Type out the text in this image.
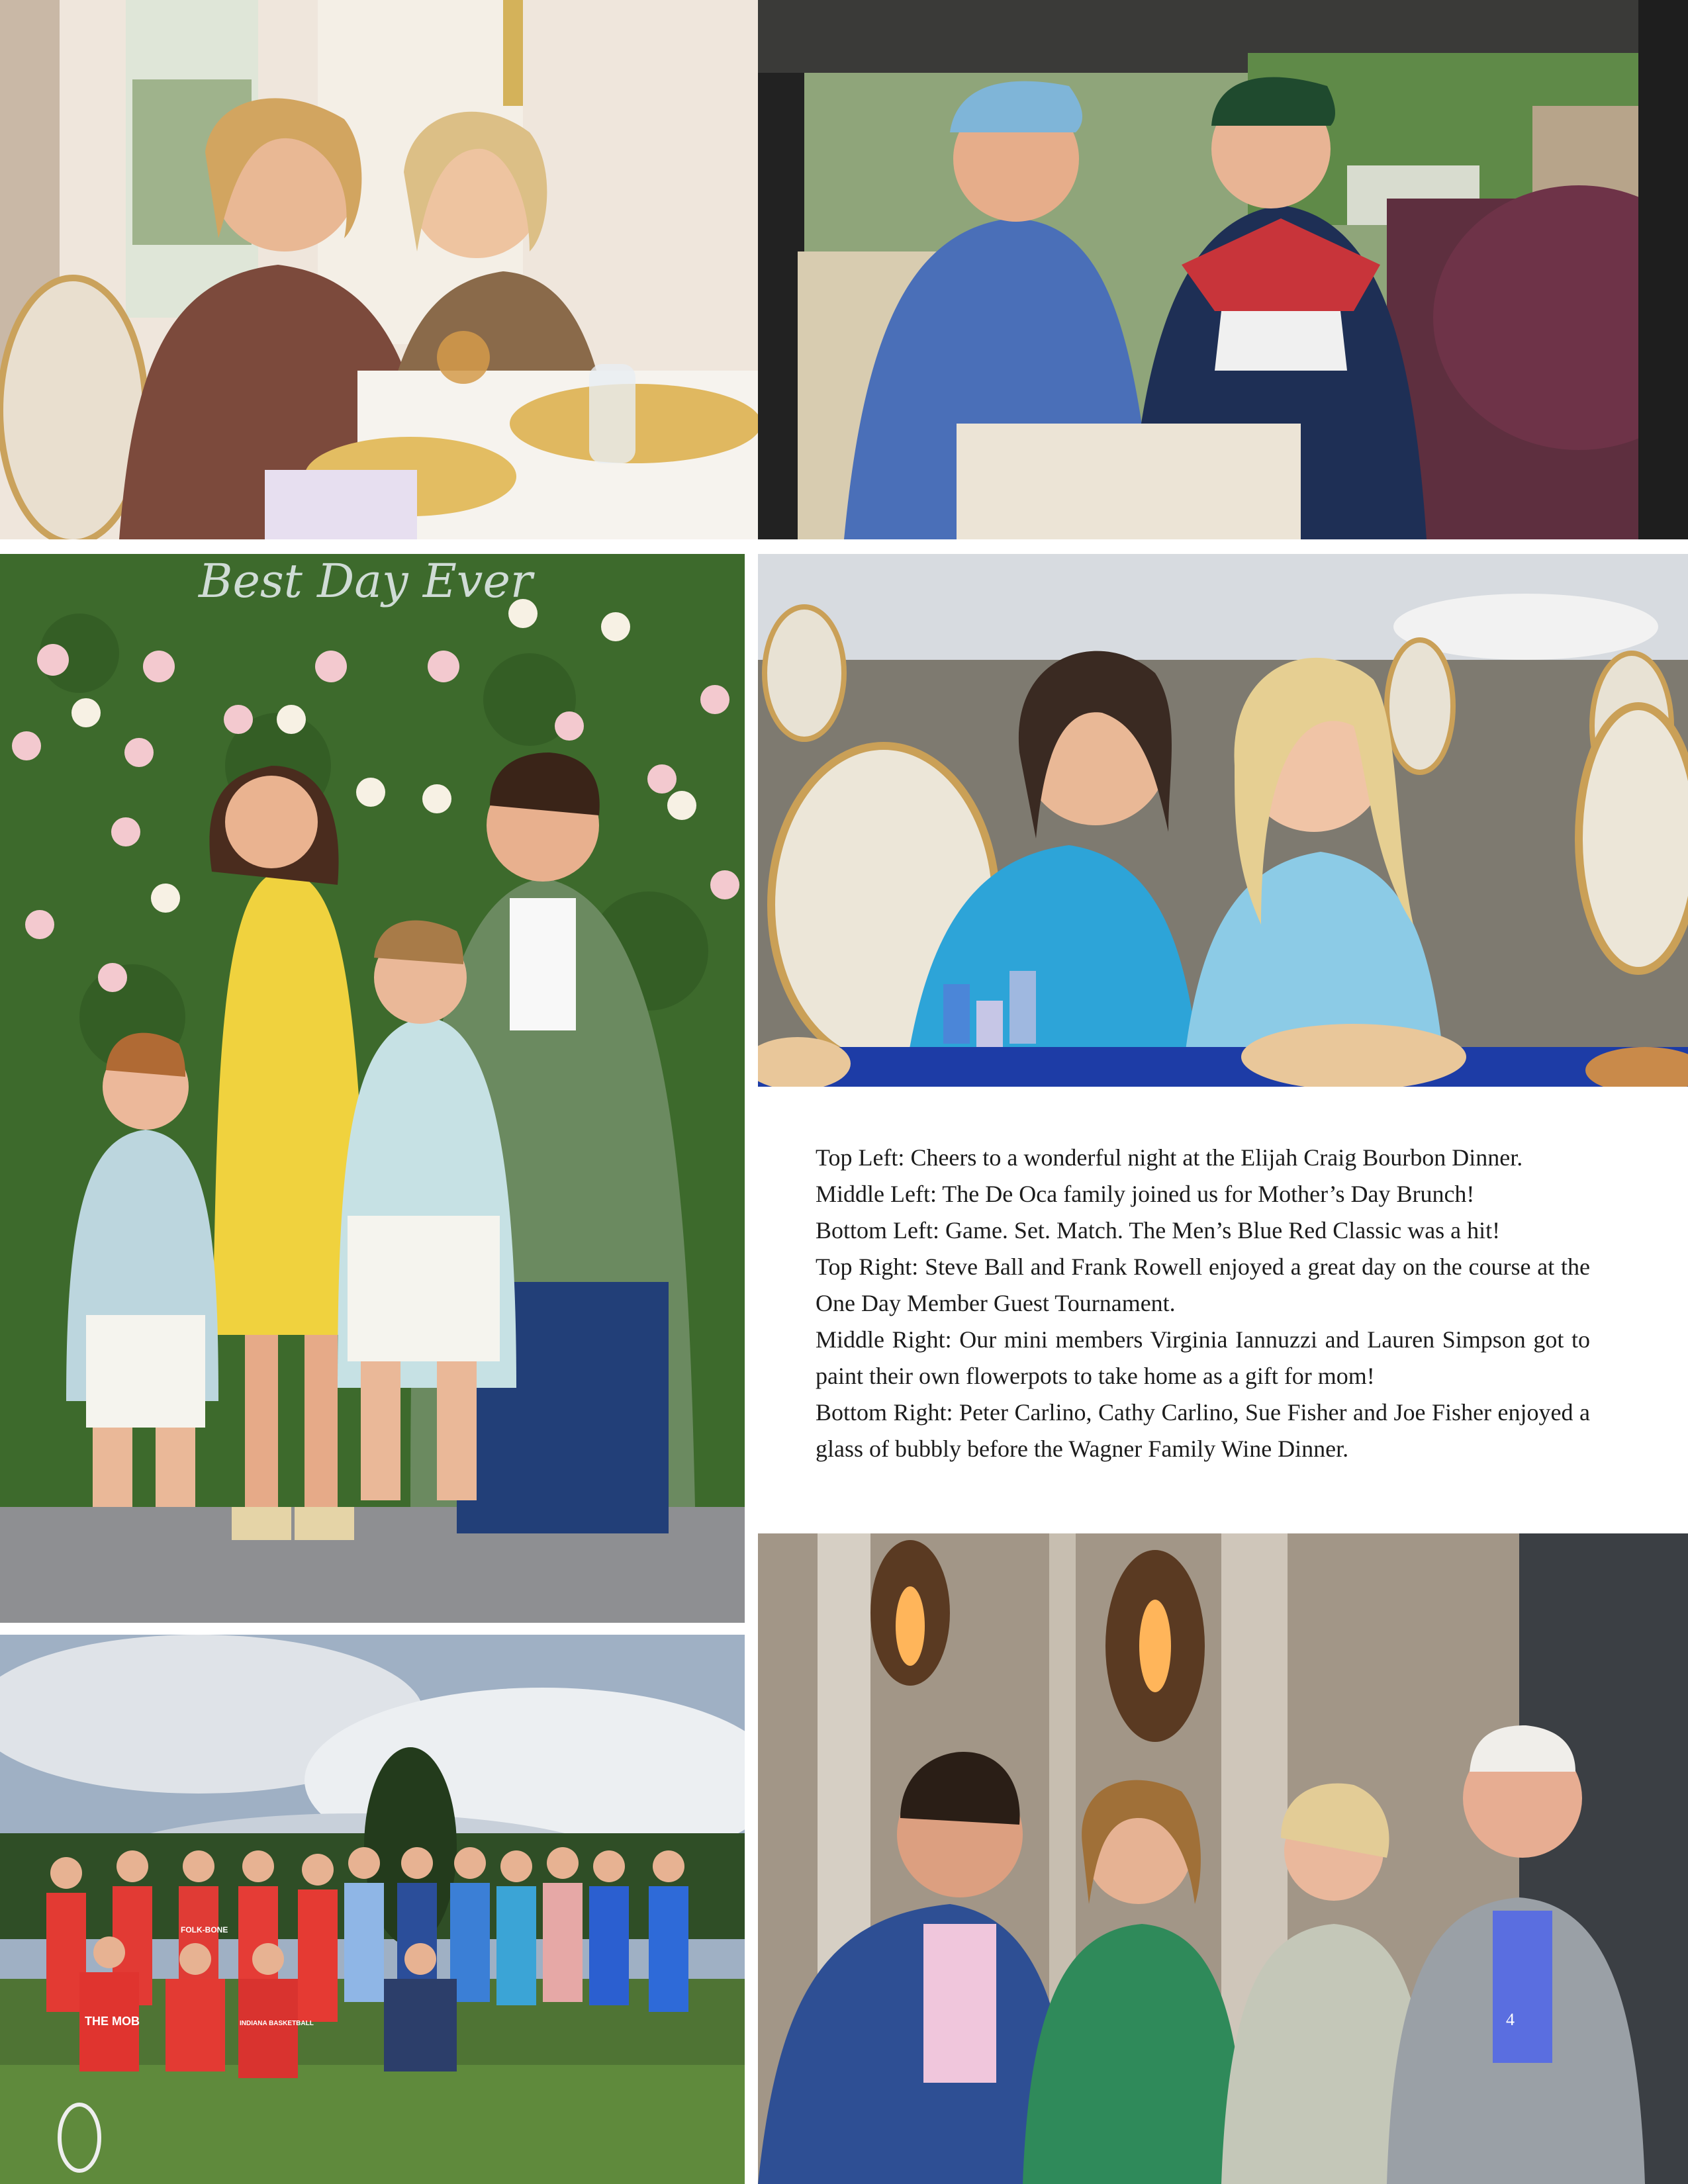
Best Day Ever
THE MOB	INDIANA BASKETBALL
FOLK-BONE

Top Left: Cheers to a wonderful night at the Elijah Craig Bourbon Dinner.

Middle Left: The De Oca family joined us for Mother’s Day Brunch!

Bottom Left: Game. Set. Match. The Men’s Blue Red Classic was a hit!

Top Right: Steve Ball and Frank Rowell enjoyed a great day on the course at the One Day Member Guest Tournament.

Middle Right: Our mini members Virginia Iannuzzi and Lauren Simpson got to paint their own flowerpots to take home as a gift for mom!

Bottom Right: Peter Carlino, Cathy Carlino, Sue Fisher and Joe Fisher enjoyed a glass of bubbly before the Wagner Family Wine Dinner.

4
